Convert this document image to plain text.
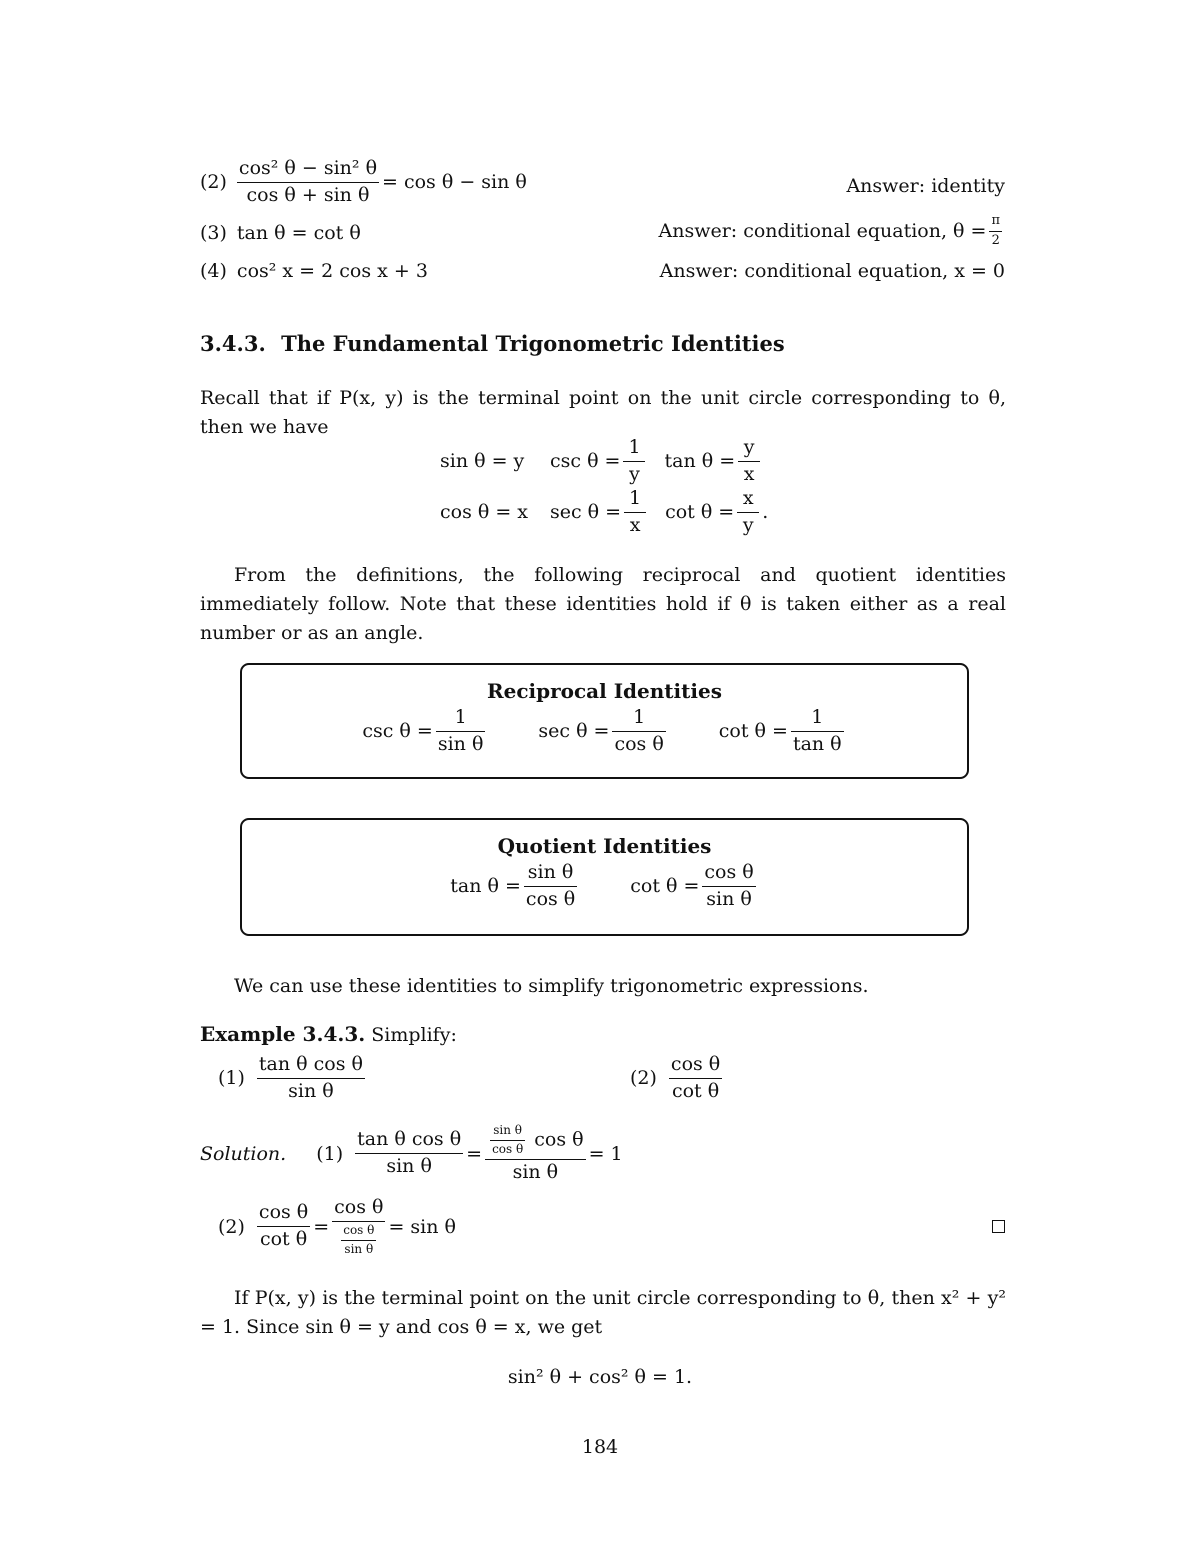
$(2) \frac{\text{cos² θ − sin² θ}}{\text{cos θ + sin θ}} = \cos \theta - \sin \theta$	Answer: identity
(3) tan θ = cot θ	Answer: conditional equation, $\theta = \frac{\pi}{2}$
(4) cos² x = 2 cos x + 3	Answer: conditional equation, x = 0
3.4.3. The Fundamental Trigonometric Identities
Recall that if P(x, y) is the terminal point on the unit circle corresponding to θ, then we have
sin θ = y	$\csc \theta = \frac{1}{y}$ $\tan \theta = \frac{y}{x}$
cos θ = x	$\sec \theta = \frac{1}{x}$ $\cot \theta = \frac{x}{y}$ .
From the definitions, the following reciprocal and quotient identities immediately follow. Note that these identities hold if θ is taken either as a real number or as an angle.
Reciprocal Identities
$\csc \theta = \frac{1}{\text{sin θ}}$	$\sec \theta = \frac{1}{\text{cos θ}}$	$\cot \theta = \frac{1}{\text{tan θ}}$
Quotient Identities
$\tan \theta = \frac{\text{sin θ}}{\text{cos θ}}$	$\cot \theta = \frac{\text{cos θ}}{\text{sin θ}}$
We can use these identities to simplify trigonometric expressions.
Example 3.4.3. Simplify:
$(1) \frac{\text{tan θ cos θ}}{\text{sin θ}}$	$(2) \frac{\text{cos θ}}{\text{cot θ}}$
Solution. $(1) \frac{\text{tan θ cos θ}}{\text{sin θ}} = \frac{\frac{\text{sin θ}}{\text{cos θ}} \cos \theta}{\text{sin θ}} = 1$
$(2) \frac{\text{cos θ}}{\text{cot θ}} = \frac{\text{cos θ}}{\frac{\text{cos θ}}{\text{sin θ}}} = \sin \theta$
If P(x, y) is the terminal point on the unit circle corresponding to θ, then x² + y² = 1. Since sin θ = y and cos θ = x, we get
sin² θ + cos² θ = 1.
184
